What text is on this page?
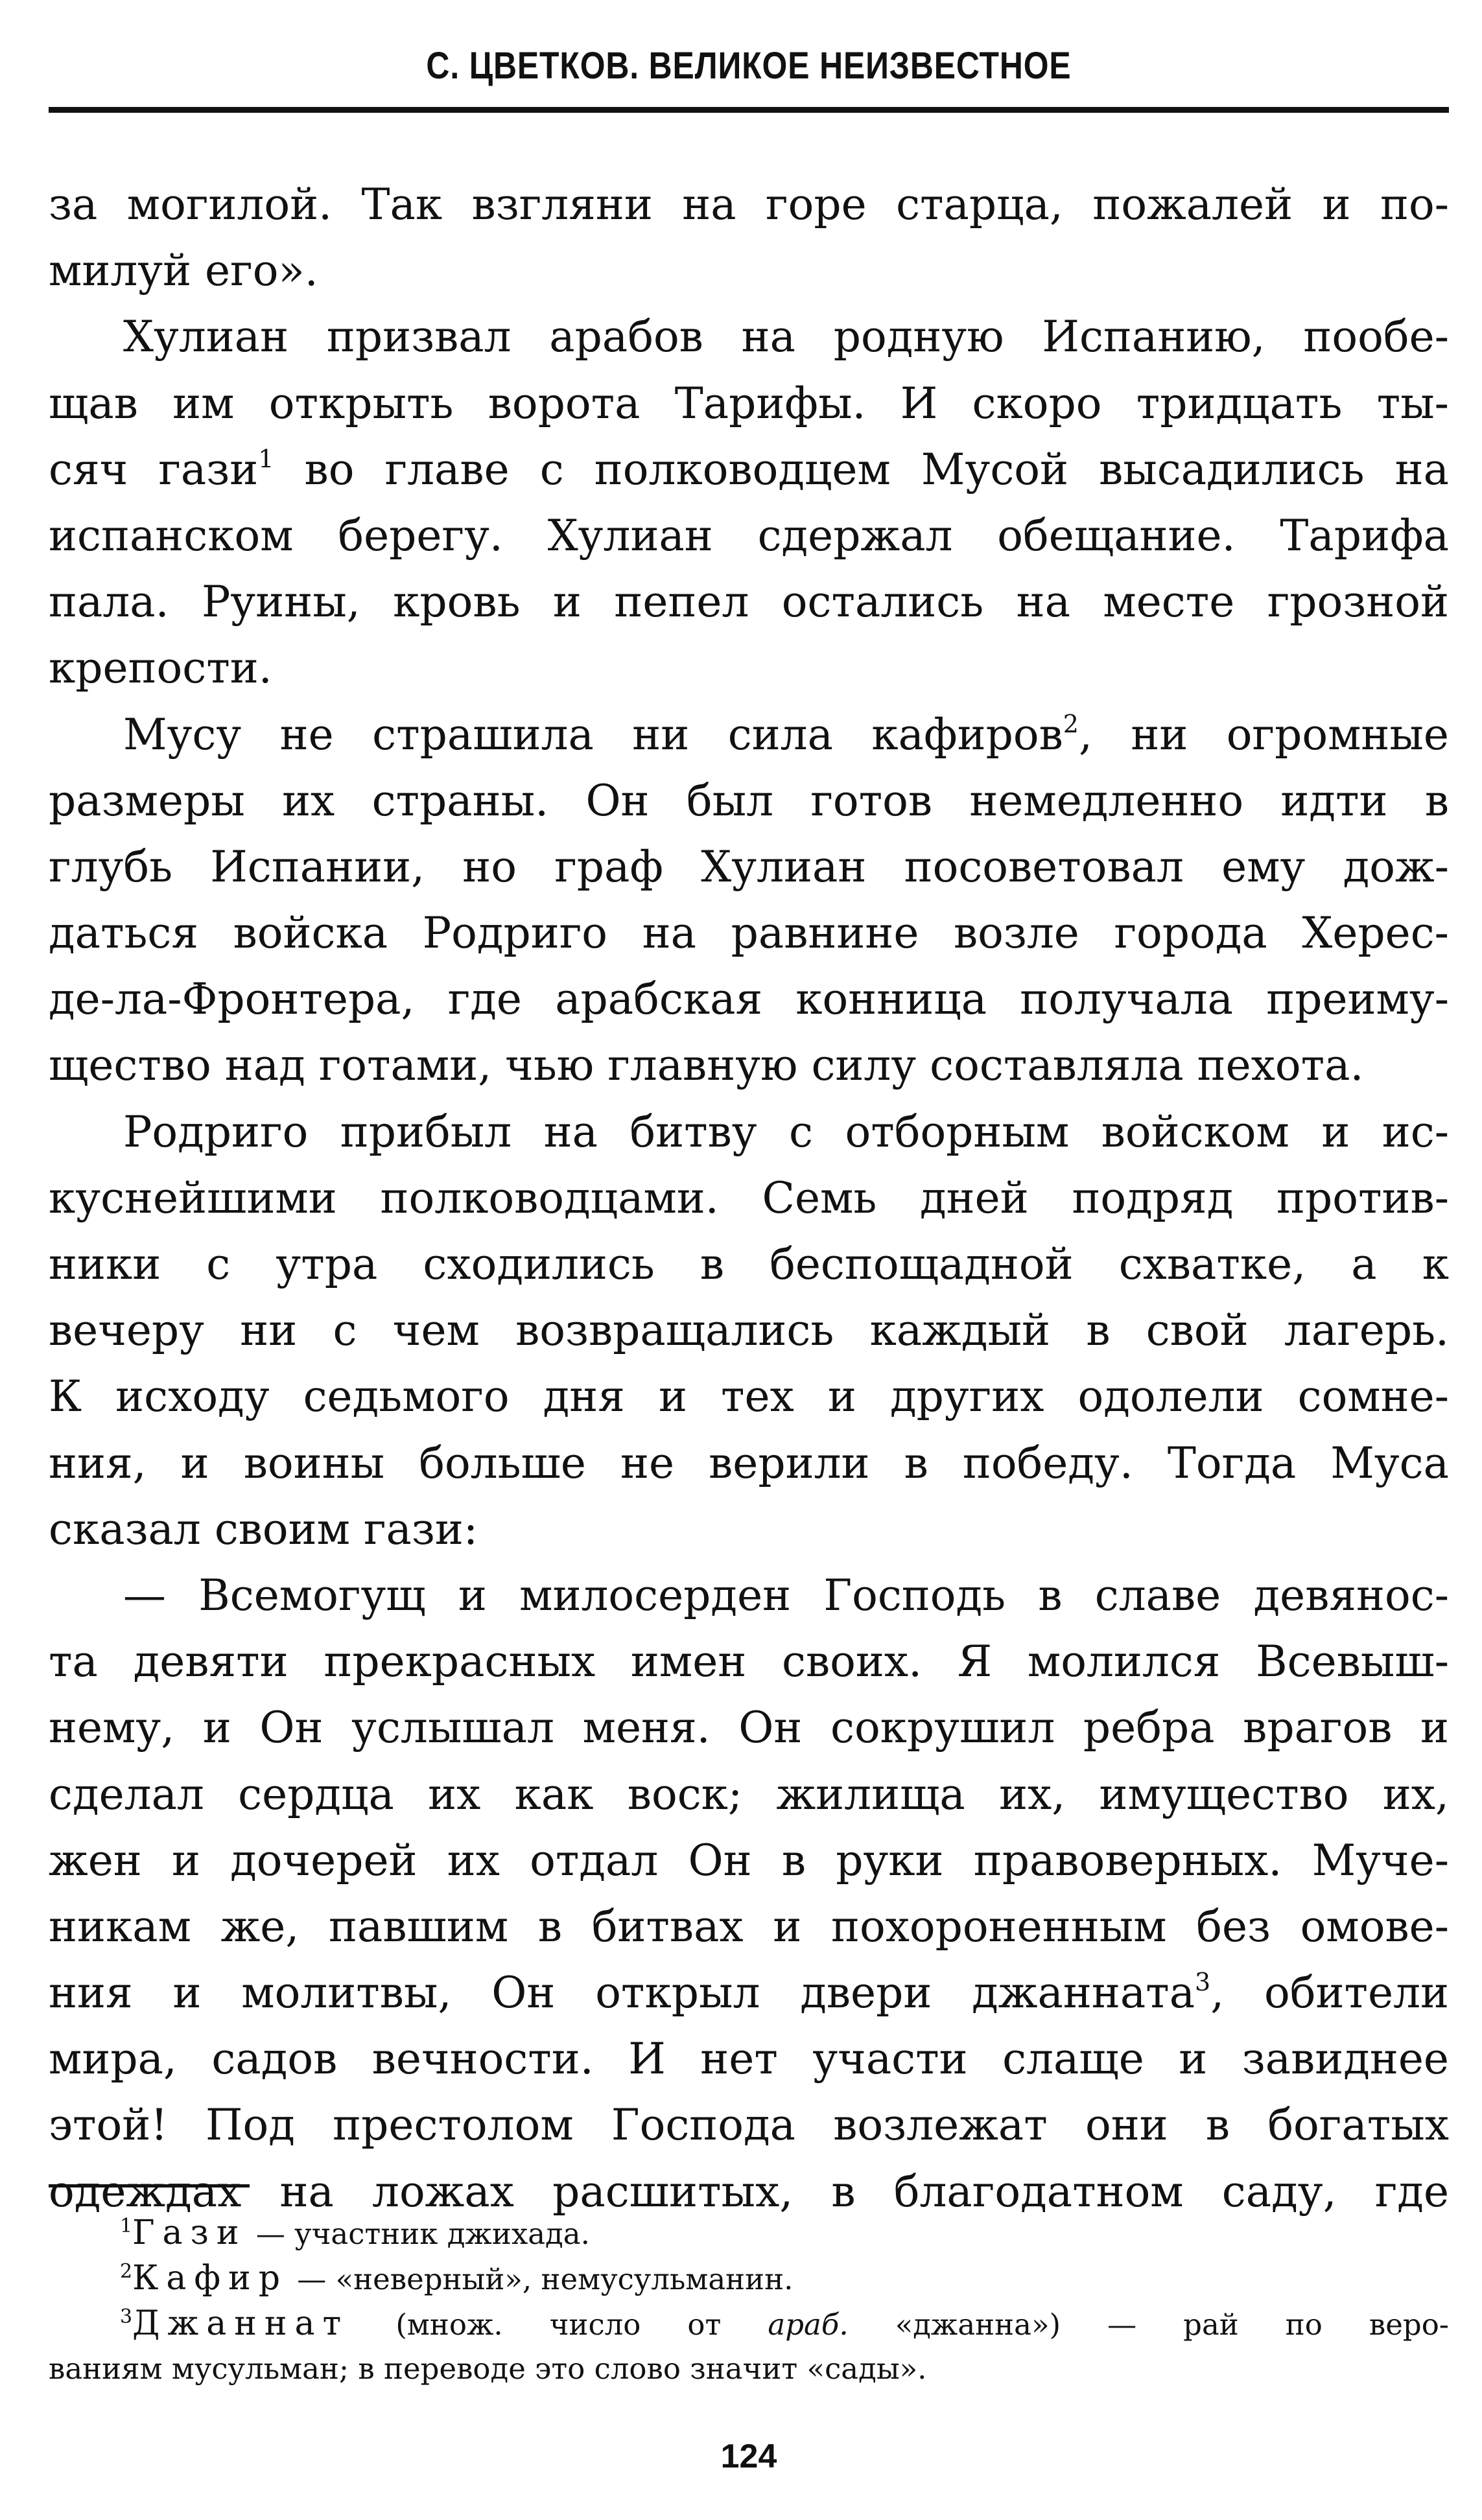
С. ЦВЕТКОВ. ВЕЛИКОЕ НЕИЗВЕСТНОЕ
за могилой. Так взгляни на горе старца, пожалей и по-
милуй его».
Хулиан призвал арабов на родную Испанию, пообе-
щав им открыть ворота Тарифы. И скоро тридцать ты-
сяч гази$^1$ во главе с полководцем Мусой высадились на
испанском берегу. Хулиан сдержал обещание. Тарифа
пала. Руины, кровь и пепел остались на месте грозной
крепости.
Мусу не страшила ни сила кафиров$^2$, ни огромные
размеры их страны. Он был готов немедленно идти в
глубь Испании, но граф Хулиан посоветовал ему дож-
даться войска Родриго на равнине возле города Херес-
де-ла-Фронтера, где арабская конница получала преиму-
щество над готами, чью главную силу составляла пехота.
Родриго прибыл на битву с отборным войском и ис-
куснейшими полководцами. Семь дней подряд против-
ники с утра сходились в беспощадной схватке, а к
вечеру ни с чем возвращались каждый в свой лагерь.
К исходу седьмого дня и тех и других одолели сомне-
ния, и воины больше не верили в победу. Тогда Муса
сказал своим гази:
— Всемогущ и милосерден Господь в славе девянос-
та девяти прекрасных имен своих. Я молился Всевыш-
нему, и Он услышал меня. Он сокрушил ребра врагов и
сделал сердца их как воск; жилища их, имущество их,
жен и дочерей их отдал Он в руки правоверных. Муче-
никам же, павшим в битвах и похороненным без омове-
ния и молитвы, Он открыл двери джанната$^3$, обители
мира, садов вечности. И нет участи слаще и завиднее
этой! Под престолом Господа возлежат они в богатых
одеждах на ложах расшитых, в благодатном саду, где
$^1$Гази — участник джихада.
$^2$Кафир — «неверный», немусульманин.
$^3$Джаннат (множ. число от араб. «джанна») — рай по веро-
ваниям мусульман; в переводе это слово значит «сады».
124
